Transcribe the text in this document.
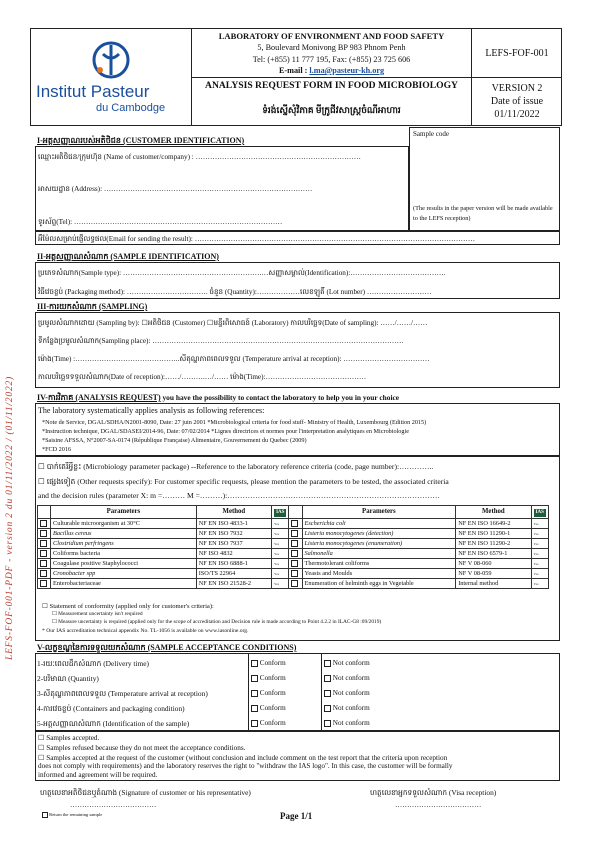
Institut Pasteur
du Cambodge
LABORATORY OF ENVIRONMENT AND FOOD SAFETY
5, Boulevard Monivong BP 983 Phnom Penh
Tel: (+855) 11 777 195, Fax: (+855) 23 725 606
E-mail : l.ma@pasteur-kh.org
ANALYSIS REQUEST FORM IN FOOD MICROBIOLOGY
ទំរង់ស្នើសុំវិភាគ មីក្រូជីវសាស្រ្តចំណីអាហារ
LEFS-FOF-001
VERSION 2
Date of issue
01/11/2022
LEFS-FOF-001-PDF - version 2 du 01/11/2022 / (01/11/2022)
I-អត្តសញ្ញាណរបស់អតិថិជន (CUSTOMER IDENTIFICATION)
ឈ្មោះអតិថិជន/ក្រុមហ៊ុន (Name of customer/company) : ……………………………………………………………
អាសយដ្ឋាន (Address): ……………………………………………………………………………
ទូរស័ព្ទ(Tel): ……………………………………………………………………………
Sample code
(The results in the paper version will be made available to the LEFS reception)
អ៊ីម៉ែលសម្រាប់ផ្ញើលទ្ធផល(Email for sending the result): ………………………………………………………………………………………………………
II-អត្តសញ្ញាណសំណាក (SAMPLE IDENTIFICATION)
ប្រភេទសំណាក(Sample type): ………………………………………………….…សញ្ញាសម្គាល់(Identification):………………………………….
វិធីវេចខ្ចប់ (Packaging method): ……………………………. ចំនួន (Quantity):………………លេខឡូតិ៍ (Lot number) ………………………
III-ការយកសំណាក (SAMPLING)
ប្រមូលសំណាកដោយ (Sampling by): ☐អតិថិជន (Customer) ☐មន្ទីរពិសោធន៍ (Laboratory) កាលបរិច្ឆេទ(Date of sampling): ……/……/……
ទីកន្លែងប្រមូលសំណាក(Sampling place): ……………………………………………………………………………………………
ម៉ោង(Time) :……………………………………..សីតុណ្ហភាពពេលទទួល (Temperature arrival at reception): ………………………………
កាលបរិច្ឆេទទទួលសំណាក(Date of reception):……/……….…/…… ម៉ោង(Time):……………………………………
IV-ការវិភាគ (ANALYSIS REQUEST) you have the possibility to contact the laboratory to help you in your choice
The laboratory systematically applies analysis as following references:
*Note de Service, DGAL/SDHA/N2001-8090, Date: 27 juin 2001 *Microbiological criteria for food stuff- Ministry of Health, Luxembourg (Edition 2015)
*Instruction technique, DGAL/SDASEI/2014-96, Date: 07/02/2014 *Lignes directrices et normes pour l'interpretation analytiques en Microbiologie
*Saisine AFSSA, N°2007-SA-0174 (République Française) Alimentaire, Gouvernement du Quebec (2009)
*FCD 2016
☐ បាក់តេរីអ្វីខ្លះ (Microbiology parameter package) --Reference to the laboratory reference criteria (code, page number):…………..
☐ ផ្សេងទៀត (Other requests specify): For customer specific requests, please mention the parameters to be tested, the associated criteria
and the decision rules (parameter X: m =……… M =………):…………………………………………………………………………
	Parameters	Method	IAS		Parameters	Method	IAS
	Culturable microorganism at 30°C	NF EN ISO 4833-1	Yes		Escherichia coli	NF EN ISO 16649-2	Yes
	Bacillus cereus	NF EN ISO 7932	Yes		Listeria monocytogenes (detection)	NF EN ISO 11290-1	Yes
	Clostridium perfringens	NF EN ISO 7937	Yes		Listeria monocytogenes (enumeration)	NF EN ISO 11290-2	Yes
	Coliforms bacteria	NF ISO 4832	Yes		Salmonella	NF EN ISO 6579-1	Yes
	Coagulase positive Staphylococci	NF EN ISO 6888-1	Yes		Thermotolerant coliforms	NF V 08-060	Yes
	Cronobacter spp	ISO/TS 22964	Yes		Yeasts and Moulds	NF V 08-059	Yes
	Enterobacteriaceae	NF EN ISO 21528-2	Yes		Enumeration of helminth eggs in Vegetable	Internal method	Yes
☐ Statement of conformity (applied only for customer's criteria):
☐ Measurement uncertainty isn't required
☐ Measure uncertainty is required (applied only for the scope of accreditation and Decision rule is made according to Point 4.2.2 in ILAC-G8 :09/2019)
* Our IAS accreditation technical appendix No. TL-1056 is available on www.iasonline.org.
V-លក្ខខណ្ឌនៃការទទួលយកសំណាក (SAMPLE ACCEPTANCE CONDITIONS)
1-រយៈពេលដឹកសំណាក (Delivery time)	Conform	Not conform
2-បរិមាណ (Quantity)	Conform	Not conform
3-សីតុណ្ហភាពពេលទទួល (Temperature arrival at reception)	Conform	Not conform
4-ការវេចខ្ចប់ (Containers and packaging condition)	Conform	Not conform
5-អត្តសញ្ញាណសំណាក (Identification of the sample)	Conform	Not conform
☐ Samples accepted.
☐ Samples refused because they do not meet the acceptance conditions.
☐ Samples accepted at the request of the customer (without conclusion and include comment on the test report that the criteria upon reception
does not comply with requirements) and the laboratory reserves the right to "withdraw the IAS logo". In this case, the customer will be formally
informed and agreement will be required.
ហត្ថលេខាអតិថិជនឬតំណាង (Signature of customer or his representative)
………………………………
ហត្ថលេខាអ្នកទទួលសំណាក (Visa reception)
………………………………
Return the remaining sample	Page 1/1
